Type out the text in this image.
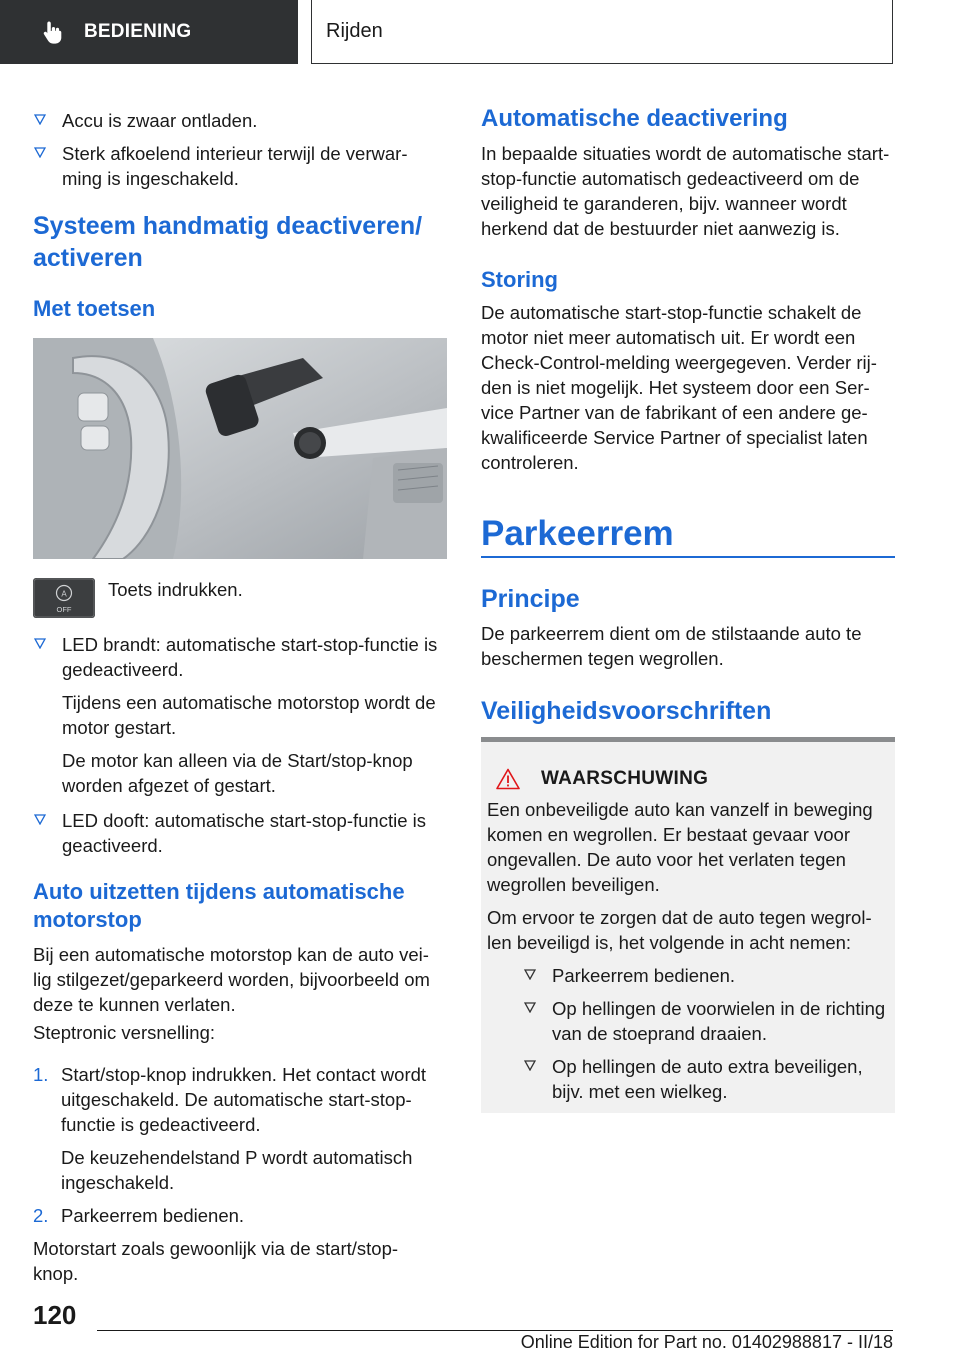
BEDIENING	Rijden

Accu is zwaar ontladen.

Sterk afkoelend interieur terwijl de verwar-ming is ingeschakeld.

Systeem handmatig deactiveren/ activeren
Met toetsen
A
OFF

Toets indrukken.

LED brandt: automatische start-stop-functie is gedeactiveerd.

Tijdens een automatische motorstop wordt de motor gestart.

De motor kan alleen via de Start/stop-knop worden afgezet of gestart.

LED dooft: automatische start-stop-functie is geactiveerd.

Auto uitzetten tijdens automatische motorstop

Bij een automatische motorstop kan de auto vei-lig stilgezet/geparkeerd worden, bijvoorbeeld om deze te kunnen verlaten.

Steptronic versnelling:

1. Start/stop-knop indrukken. Het contact wordt uitgeschakeld. De automatische start-stop-functie is gedeactiveerd.

De keuzehendelstand P wordt automatisch ingeschakeld.

2. Parkeerrem bedienen.

Motorstart zoals gewoonlijk via de start/stop-knop.

Automatische deactivering

In bepaalde situaties wordt de automatische start-stop-functie automatisch gedeactiveerd om de veiligheid te garanderen, bijv. wanneer wordt herkend dat de bestuurder niet aanwezig is.

Storing

De automatische start-stop-functie schakelt de motor niet meer automatisch uit. Er wordt een Check-Control-melding weergegeven. Verder rij-den is niet mogelijk. Het systeem door een Ser-vice Partner van de fabrikant of een andere ge-kwalificeerde Service Partner of specialist laten controleren.

Parkeerrem
Principe

De parkeerrem dient om de stilstaande auto te beschermen tegen wegrollen.

Veiligheidsvoorschriften
WAARSCHUWING

Een onbeveiligde auto kan vanzelf in beweging komen en wegrollen. Er bestaat gevaar voor ongevallen. De auto voor het verlaten tegen wegrollen beveiligen.

Om ervoor te zorgen dat de auto tegen wegrol-len beveiligd is, het volgende in acht nemen:

Parkeerrem bedienen.

Op hellingen de voorwielen in de richting van de stoeprand draaien.

Op hellingen de auto extra beveiligen, bijv. met een wielkeg.

120
Online Edition for Part no. 01402988817 - II/18
